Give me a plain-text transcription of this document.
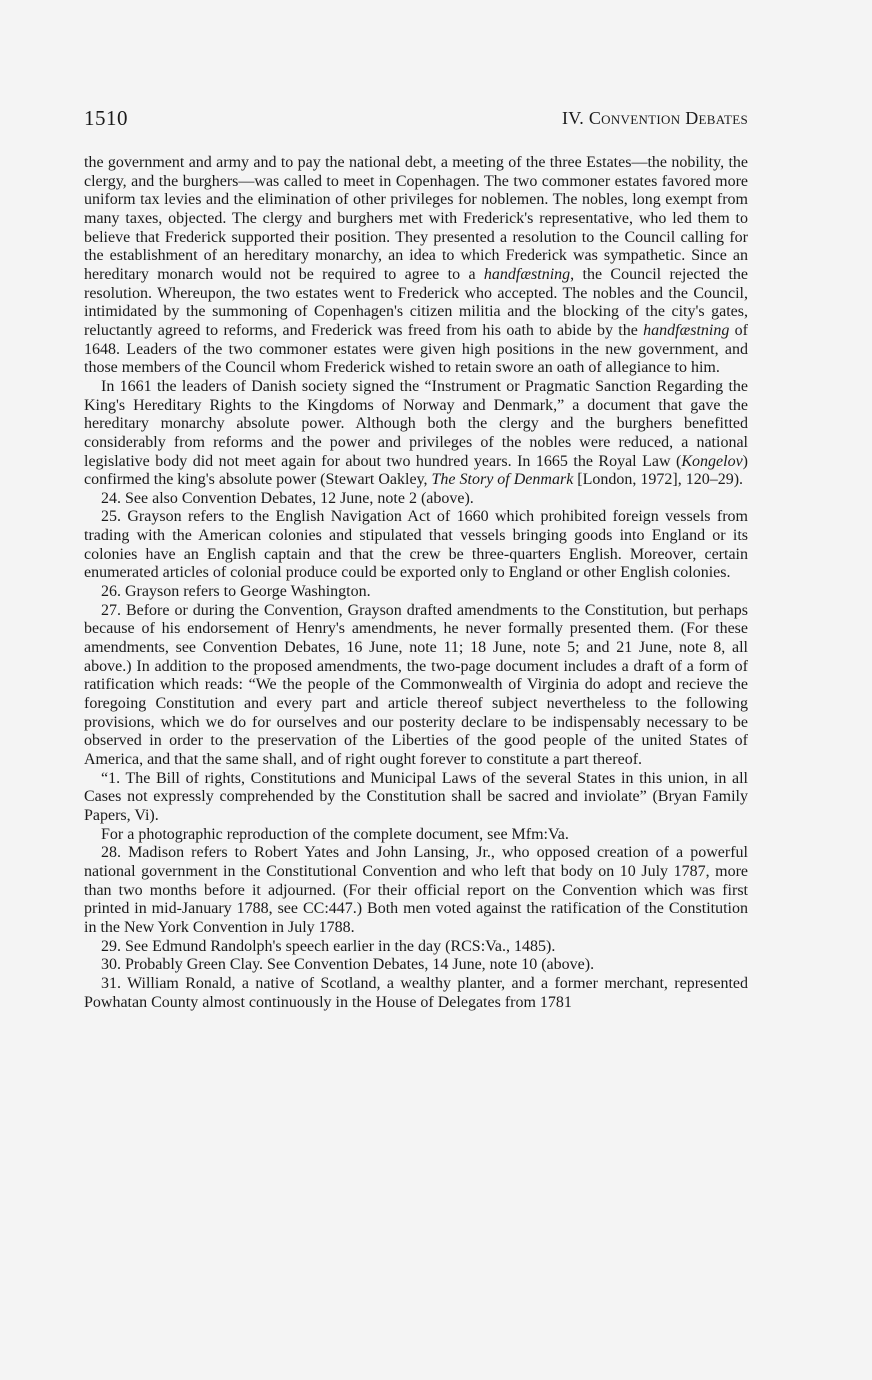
1510	IV. Convention Debates

the government and army and to pay the national debt, a meeting of the three Estates—the nobility, the clergy, and the burghers—was called to meet in Copenhagen. The two commoner estates favored more uniform tax levies and the elimination of other privileges for noblemen. The nobles, long exempt from many taxes, objected. The clergy and burghers met with Frederick's representative, who led them to believe that Frederick supported their position. They presented a resolution to the Council calling for the establishment of an hereditary monarchy, an idea to which Frederick was sympathetic. Since an hereditary monarch would not be required to agree to a handfæstning, the Council rejected the resolution. Whereupon, the two estates went to Frederick who accepted. The nobles and the Council, intimidated by the summoning of Copenhagen's citizen militia and the blocking of the city's gates, reluctantly agreed to reforms, and Frederick was freed from his oath to abide by the handfæstning of 1648. Leaders of the two commoner estates were given high positions in the new government, and those members of the Council whom Frederick wished to retain swore an oath of allegiance to him.

In 1661 the leaders of Danish society signed the “Instrument or Pragmatic Sanction Regarding the King's Hereditary Rights to the Kingdoms of Norway and Denmark,” a document that gave the hereditary monarchy absolute power. Although both the clergy and the burghers benefitted considerably from reforms and the power and privileges of the nobles were reduced, a national legislative body did not meet again for about two hundred years. In 1665 the Royal Law (Kongelov) confirmed the king's absolute power (Stewart Oakley, The Story of Denmark [London, 1972], 120–29).

24. See also Convention Debates, 12 June, note 2 (above).

25. Grayson refers to the English Navigation Act of 1660 which prohibited foreign vessels from trading with the American colonies and stipulated that vessels bringing goods into England or its colonies have an English captain and that the crew be three-quarters English. Moreover, certain enumerated articles of colonial produce could be exported only to England or other English colonies.

26. Grayson refers to George Washington.

27. Before or during the Convention, Grayson drafted amendments to the Constitution, but perhaps because of his endorsement of Henry's amendments, he never formally presented them. (For these amendments, see Convention Debates, 16 June, note 11; 18 June, note 5; and 21 June, note 8, all above.) In addition to the proposed amendments, the two-page document includes a draft of a form of ratification which reads: “We the people of the Commonwealth of Virginia do adopt and recieve the foregoing Constitution and every part and article thereof subject nevertheless to the following provisions, which we do for ourselves and our posterity declare to be indispensably necessary to be observed in order to the preservation of the Liberties of the good people of the united States of America, and that the same shall, and of right ought forever to constitute a part thereof.

“1. The Bill of rights, Constitutions and Municipal Laws of the several States in this union, in all Cases not expressly comprehended by the Constitution shall be sacred and inviolate” (Bryan Family Papers, Vi).

For a photographic reproduction of the complete document, see Mfm:Va.

28. Madison refers to Robert Yates and John Lansing, Jr., who opposed creation of a powerful national government in the Constitutional Convention and who left that body on 10 July 1787, more than two months before it adjourned. (For their official report on the Convention which was first printed in mid-January 1788, see CC:447.) Both men voted against the ratification of the Constitution in the New York Convention in July 1788.

29. See Edmund Randolph's speech earlier in the day (RCS:Va., 1485).

30. Probably Green Clay. See Convention Debates, 14 June, note 10 (above).

31. William Ronald, a native of Scotland, a wealthy planter, and a former merchant, represented Powhatan County almost continuously in the House of Delegates from 1781
